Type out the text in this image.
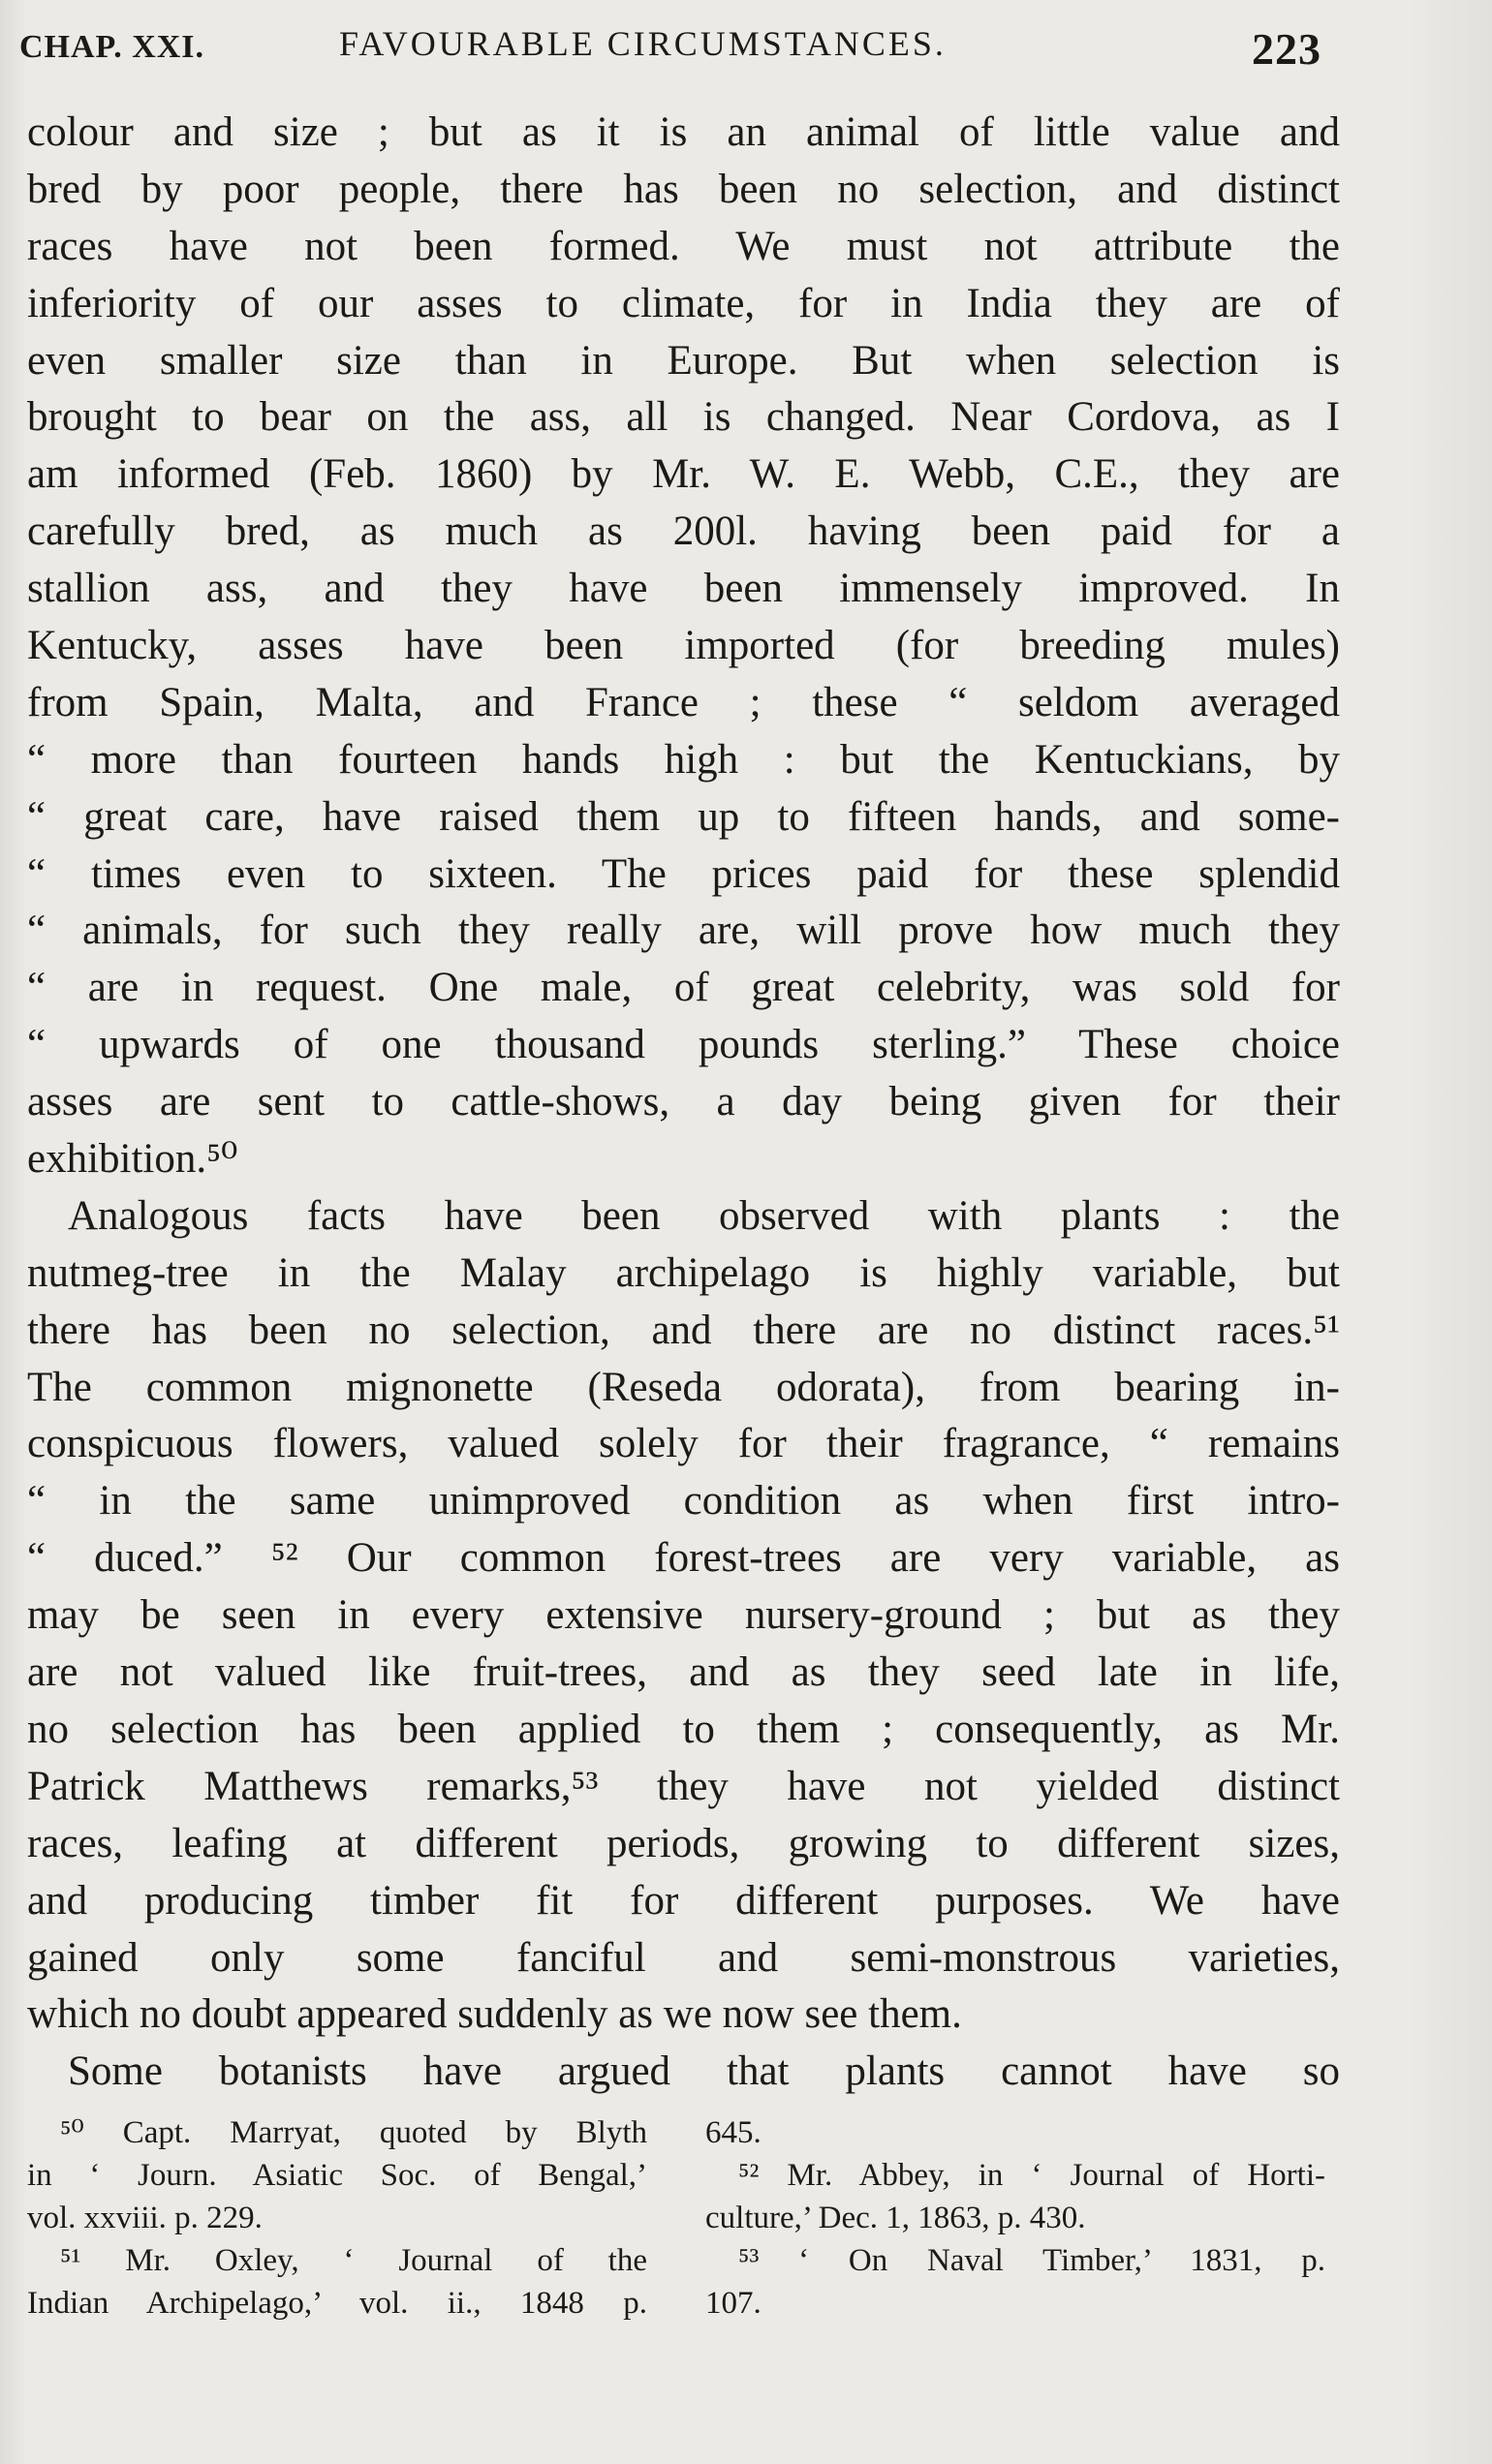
CHAP. XXI.	FAVOURABLE CIRCUMSTANCES.	223
colour and size ; but as it is an animal of little value and
bred by poor people, there has been no selection, and distinct
races have not been formed. We must not attribute the
inferiority of our asses to climate, for in India they are of
even smaller size than in Europe. But when selection is
brought to bear on the ass, all is changed. Near Cordova, as I
am informed (Feb. 1860) by Mr. W. E. Webb, C.E., they are
carefully bred, as much as 200l. having been paid for a
stallion ass, and they have been immensely improved. In
Kentucky, asses have been imported (for breeding mules)
from Spain, Malta, and France ; these “ seldom averaged
“ more than fourteen hands high : but the Kentuckians, by
“ great care, have raised them up to fifteen hands, and some-
“ times even to sixteen. The prices paid for these splendid
“ animals, for such they really are, will prove how much they
“ are in request. One male, of great celebrity, was sold for
“ upwards of one thousand pounds sterling.” These choice
asses are sent to cattle-shows, a day being given for their
exhibition.⁵⁰
Analogous facts have been observed with plants : the
nutmeg-tree in the Malay archipelago is highly variable, but
there has been no selection, and there are no distinct races.⁵¹
The common mignonette (Reseda odorata), from bearing in-
conspicuous flowers, valued solely for their fragrance, “ remains
“ in the same unimproved condition as when first intro-
“ duced.” ⁵² Our common forest-trees are very variable, as
may be seen in every extensive nursery-ground ; but as they
are not valued like fruit-trees, and as they seed late in life,
no selection has been applied to them ; consequently, as Mr.
Patrick Matthews remarks,⁵³ they have not yielded distinct
races, leafing at different periods, growing to different sizes,
and producing timber fit for different purposes. We have
gained only some fanciful and semi-monstrous varieties,
which no doubt appeared suddenly as we now see them.
Some botanists have argued that plants cannot have so
⁵⁰ Capt. Marryat, quoted by Blyth
in ‘ Journ. Asiatic Soc. of Bengal,’
vol. xxviii. p. 229.
⁵¹ Mr. Oxley, ‘ Journal of the
Indian Archipelago,’ vol. ii., 1848 p.
645.
⁵² Mr. Abbey, in ‘ Journal of Horti-
culture,’ Dec. 1, 1863, p. 430.
⁵³ ‘ On Naval Timber,’ 1831, p.
107.
